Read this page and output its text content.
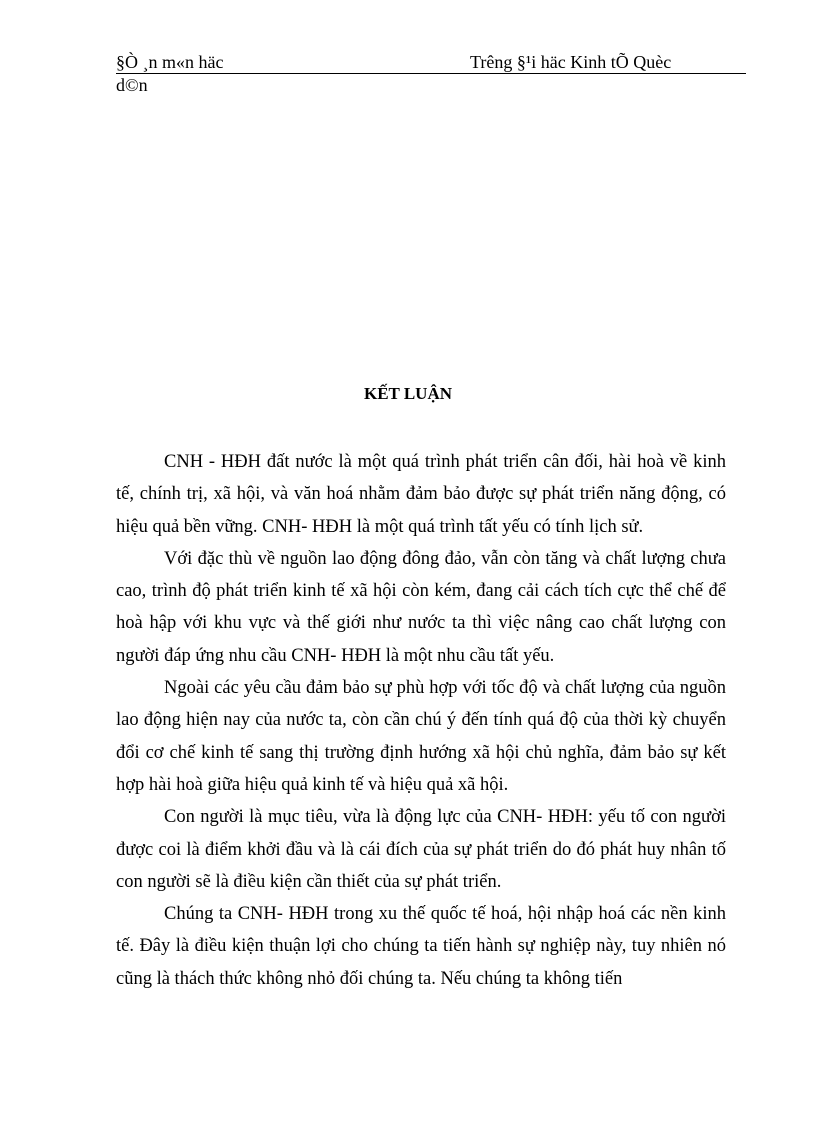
§Ò ¸n m«n häc	Trêng §¹i häc Kinh tÕ Quèc
d©n
KẾT LUẬN

CNH - HĐH đất nước là một quá trình phát triển cân đối, hài hoà về kinh tế, chính trị, xã hội, và văn hoá nhằm đảm bảo được sự phát triển năng động, có hiệu quả bền vững. CNH- HĐH là một quá trình tất yếu có tính lịch sử.

Với đặc thù về nguồn lao động đông đảo, vẫn còn tăng và chất lượng chưa cao, trình độ phát triển kinh tế xã hội còn kém, đang cải cách tích cực thể chế để hoà hập với khu vực và thế giới như nước ta thì việc nâng cao chất lượng con người đáp ứng nhu cầu CNH- HĐH là một nhu cầu tất yếu.

Ngoài các yêu cầu đảm bảo sự phù hợp với tốc độ và chất lượng của nguồn lao động hiện nay của nước ta, còn cần chú ý đến tính quá độ của thời kỳ chuyển đổi cơ chế kinh tế sang thị trường định hướng xã hội chủ nghĩa, đảm bảo sự kết hợp hài hoà giữa hiệu quả kinh tế và hiệu quả xã hội.

Con người là mục tiêu, vừa là động lực của CNH- HĐH: yếu tố con người được coi là điểm khởi đầu và là cái đích của sự phát triển do đó phát huy nhân tố con người sẽ là điều kiện cần thiết của sự phát triển.

Chúng ta CNH- HĐH trong xu thế quốc tế hoá, hội nhập hoá các nền kinh tế. Đây là điều kiện thuận lợi cho chúng ta tiến hành sự nghiệp này, tuy nhiên nó cũng là thách thức không nhỏ đối chúng ta. Nếu chúng ta không tiến
